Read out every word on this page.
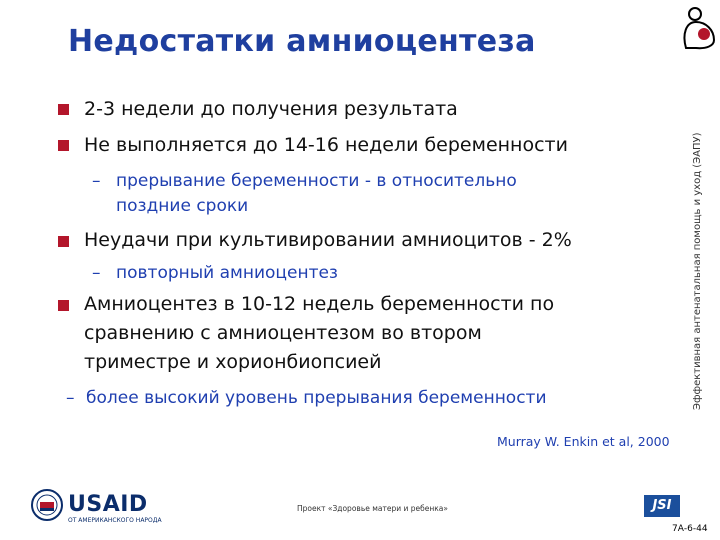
Недостатки амниоцентеза
Эффективная антенатальная помощь и уход (ЭАПУ)
2-3 недели до получения результата
Не выполняется до 14-16 недели беременности
– прерывание беременности - в относительно
поздние сроки
Неудачи при культивировании амниоцитов - 2%
– повторный амниоцентез
Амниоцентез в 10-12 недель беременности по
сравнению с амниоцентезом во втором
триместре и хорионбиопсией
– более высокий уровень прерывания беременности
Murray W. Enkin et al, 2000
USAID
ОТ АМЕРИКАНСКОГО НАРОДА
Проект «Здоровье матери и ребенка»	JSI
7А-6-44
